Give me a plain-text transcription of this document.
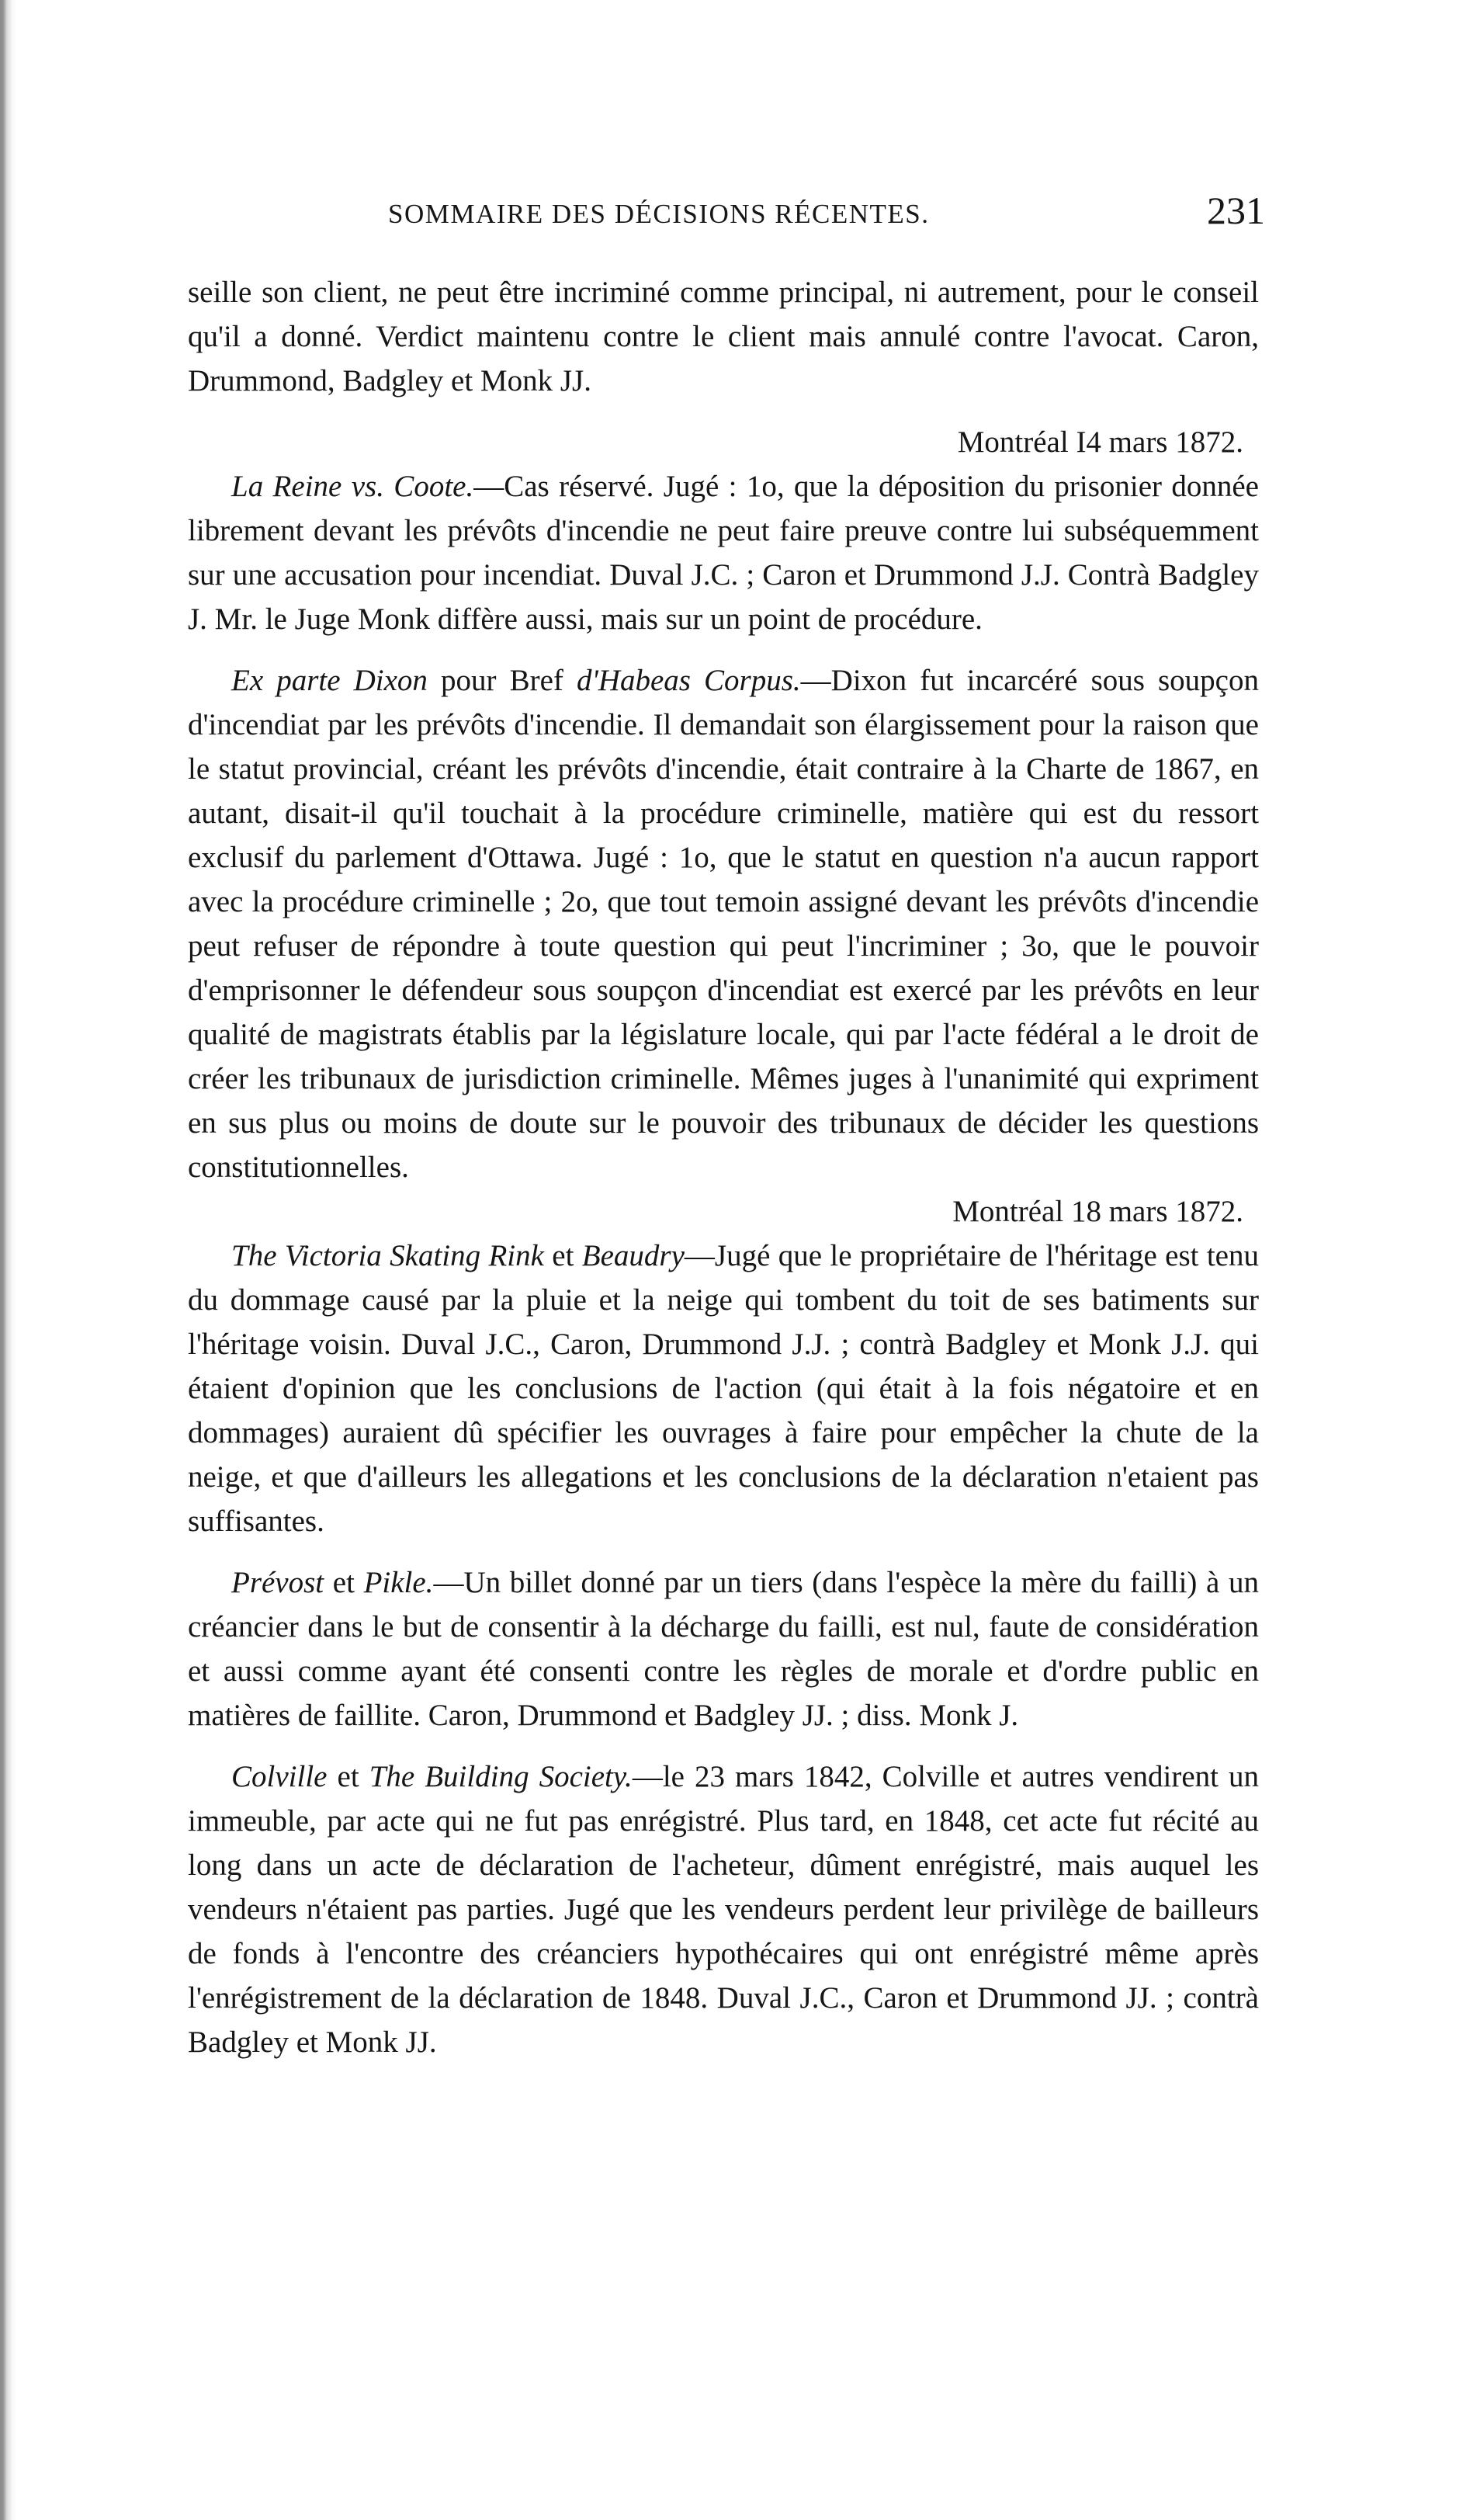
SOMMAIRE DES DÉCISIONS RÉCENTES.	231

seille son client, ne peut être incriminé comme principal, ni autrement, pour le conseil qu'il a donné. Verdict maintenu contre le client mais annulé contre l'avocat. Caron, Drummond, Badgley et Monk JJ.

Montréal I4 mars 1872.

La Reine vs. Coote.—Cas réservé. Jugé : 1o, que la déposition du prisonier donnée librement devant les prévôts d'incendie ne peut faire preuve contre lui subséquemment sur une accusation pour incendiat. Duval J.C. ; Caron et Drummond J.J. Contrà Badgley J. Mr. le Juge Monk diffère aussi, mais sur un point de procédure.

Ex parte Dixon pour Bref d'Habeas Corpus.—Dixon fut incarcéré sous soupçon d'incendiat par les prévôts d'incendie. Il demandait son élargissement pour la raison que le statut provincial, créant les prévôts d'incendie, était contraire à la Charte de 1867, en autant, disait-il qu'il touchait à la procédure criminelle, matière qui est du ressort exclusif du parlement d'Ottawa. Jugé : 1o, que le statut en question n'a aucun rapport avec la procédure criminelle ; 2o, que tout temoin assigné devant les prévôts d'incendie peut refuser de répondre à toute question qui peut l'incriminer ; 3o, que le pouvoir d'emprisonner le défendeur sous soupçon d'incendiat est exercé par les prévôts en leur qualité de magistrats établis par la législature locale, qui par l'acte fédéral a le droit de créer les tribunaux de jurisdiction criminelle. Mêmes juges à l'unanimité qui expriment en sus plus ou moins de doute sur le pouvoir des tribunaux de décider les questions constitutionnelles.

Montréal 18 mars 1872.

The Victoria Skating Rink et Beaudry—Jugé que le propriétaire de l'héritage est tenu du dommage causé par la pluie et la neige qui tombent du toit de ses batiments sur l'héritage voisin. Duval J.C., Caron, Drummond J.J. ; contrà Badgley et Monk J.J. qui étaient d'opinion que les conclusions de l'action (qui était à la fois négatoire et en dommages) auraient dû spécifier les ouvrages à faire pour empêcher la chute de la neige, et que d'ailleurs les allegations et les conclusions de la déclaration n'etaient pas suffisantes.

Prévost et Pikle.—Un billet donné par un tiers (dans l'espèce la mère du failli) à un créancier dans le but de consentir à la décharge du failli, est nul, faute de considération et aussi comme ayant été consenti contre les règles de morale et d'ordre public en matières de faillite. Caron, Drummond et Badgley JJ. ; diss. Monk J.

Colville et The Building Society.—le 23 mars 1842, Colville et autres vendirent un immeuble, par acte qui ne fut pas enrégistré. Plus tard, en 1848, cet acte fut récité au long dans un acte de déclaration de l'acheteur, dûment enrégistré, mais auquel les vendeurs n'étaient pas parties. Jugé que les vendeurs perdent leur privilège de bailleurs de fonds à l'encontre des créanciers hypothécaires qui ont enrégistré même après l'enrégistrement de la déclaration de 1848. Duval J.C., Caron et Drummond JJ. ; contrà Badgley et Monk JJ.
